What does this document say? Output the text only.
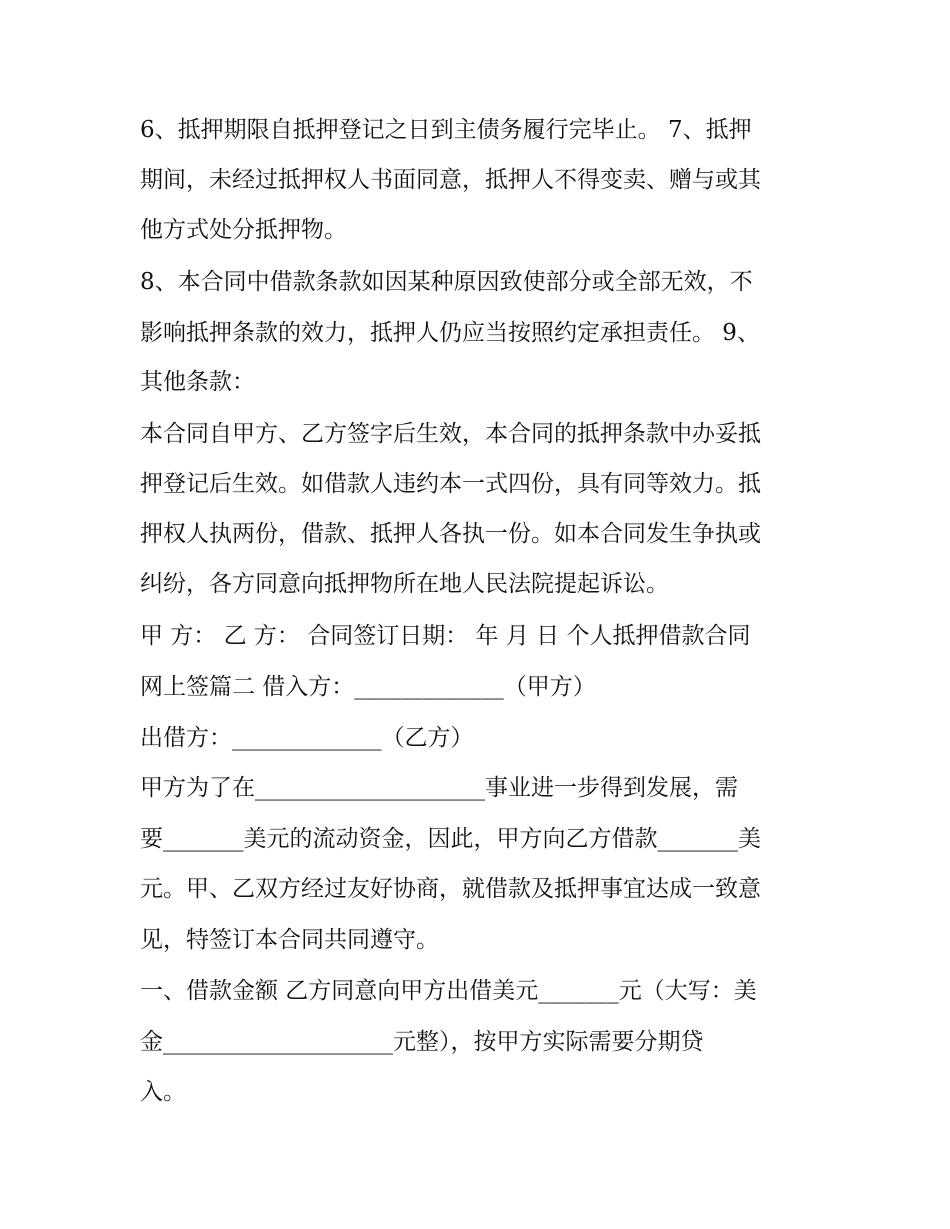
6、抵押期限自抵押登记之日到主债务履行完毕止。 7、抵押
期间，未经过抵押权人书面同意，抵押人不得变卖、赠与或其
他方式处分抵押物。
8、本合同中借款条款如因某种原因致使部分或全部无效，不
影响抵押条款的效力，抵押人仍应当按照约定承担责任。 9、
其他条款：
本合同自甲方、乙方签字后生效，本合同的抵押条款中办妥抵
押登记后生效。如借款人违约本一式四份，具有同等效力。抵
押权人执两份，借款、抵押人各执一份。如本合同发生争执或
纠纷，各方同意向抵押物所在地人民法院提起诉讼。
甲 方： 乙 方： 合同签订日期： 年 月 日 个人抵押借款合同
网上签篇二 借入方：_____________（甲方）
出借方：_____________（乙方）
甲方为了在____________________事业进一步得到发展，需
要_______美元的流动资金，因此，甲方向乙方借款_______美
元。甲、乙双方经过友好协商，就借款及抵押事宜达成一致意
见，特签订本合同共同遵守。
一、借款金额 乙方同意向甲方出借美元_______元（大写：美
金____________________元整），按甲方实际需要分期贷
入。
